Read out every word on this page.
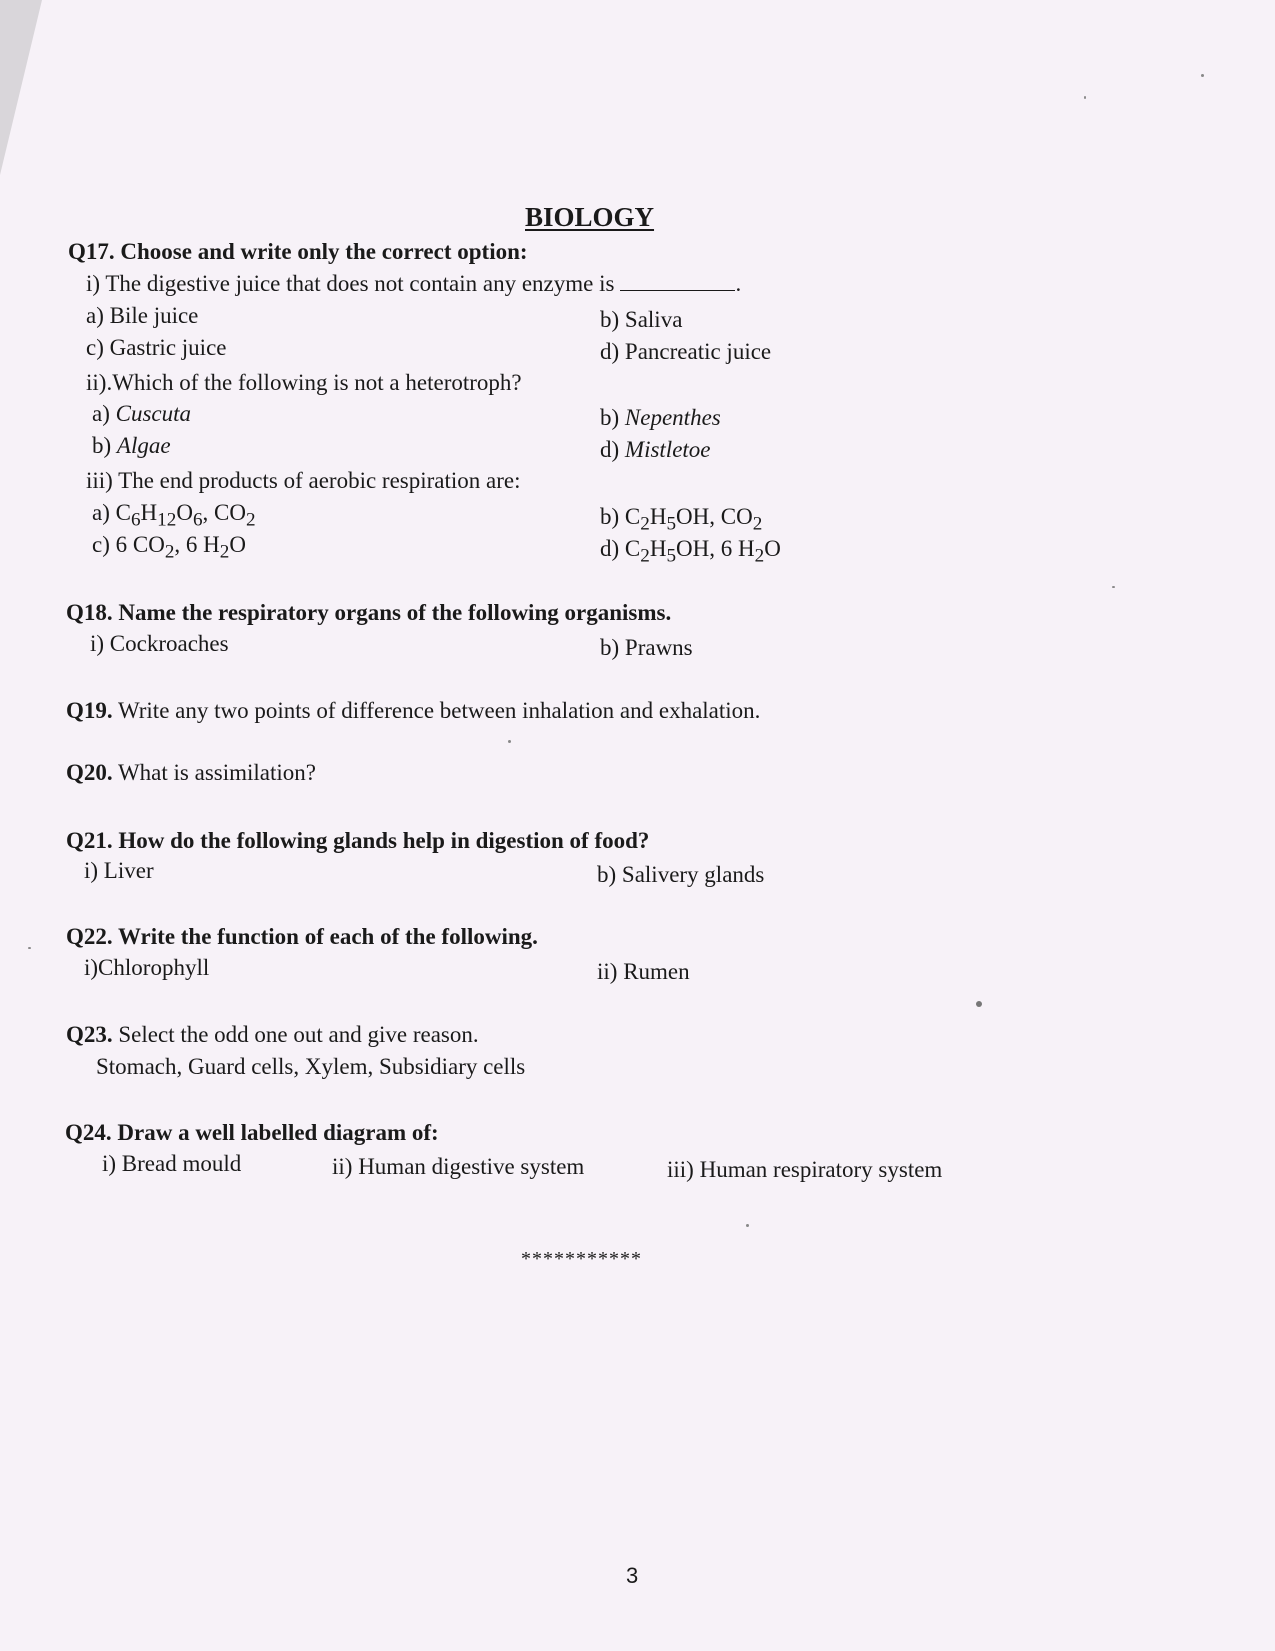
BIOLOGY
Q17. Choose and write only the correct option:
i) The digestive juice that does not contain any enzyme is	.
a) Bile juice	b) Saliva
c) Gastric juice	d) Pancreatic juice
ii).Which of the following is not a heterotroph?
a) Cuscuta	b) Nepenthes
b) Algae	d) Mistletoe
iii) The end products of aerobic respiration are:
a) $C_6H_{12}O_6$, $CO_2$	b) $C_2H_5OH$, $CO_2$
c) 6 $CO_2$, 6 $H_2O$	d) $C_2H_5OH$, 6 $H_2O$
Q18. Name the respiratory organs of the following organisms.
i) Cockroaches	b) Prawns
Q19. Write any two points of difference between inhalation and exhalation.
Q20. What is assimilation?
Q21. How do the following glands help in digestion of food?
i) Liver	b) Salivery glands
Q22. Write the function of each of the following.
i)Chlorophyll	ii) Rumen
Q23. Select the odd one out and give reason.
Stomach, Guard cells, Xylem, Subsidiary cells
Q24. Draw a well labelled diagram of:
i) Bread mould	ii) Human digestive system	iii) Human respiratory system
***********
3
